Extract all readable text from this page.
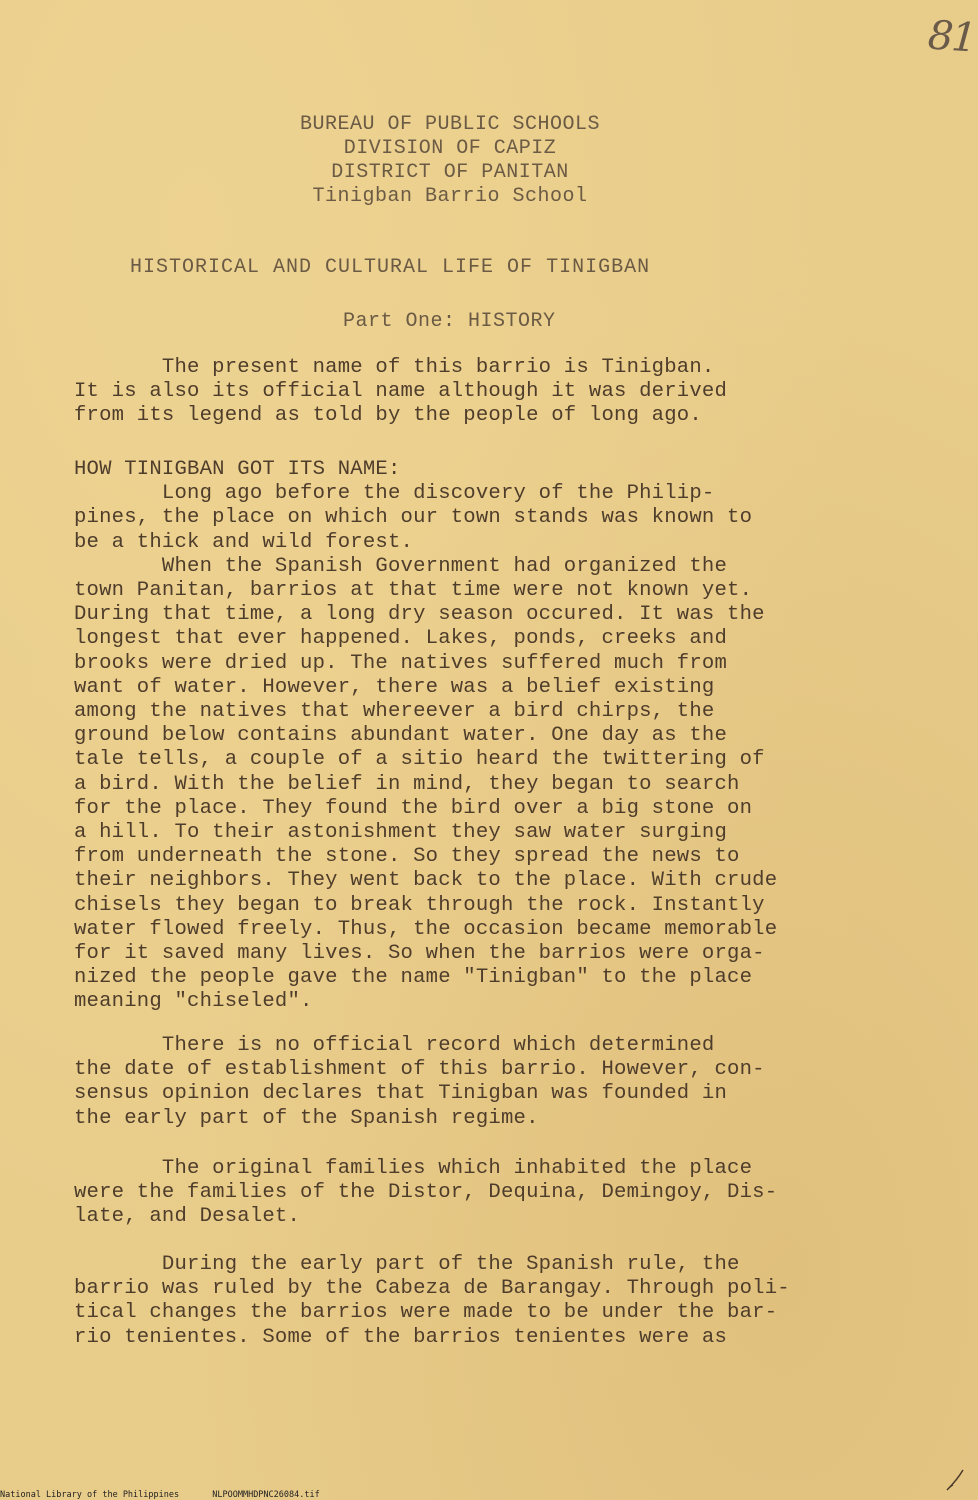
81
BUREAU OF PUBLIC SCHOOLS
DIVISION OF CAPIZ
DISTRICT OF PANITAN
Tinigban Barrio School
HISTORICAL AND CULTURAL LIFE OF TINIGBAN
Part One: HISTORY
The present name of this barrio is Tinigban.
It is also its official name although it was derived
from its legend as told by the people of long ago.
HOW TINIGBAN GOT ITS NAME:
Long ago before the discovery of the Philip-
pines, the place on which our town stands was known to
be a thick and wild forest.
When the Spanish Government had organized the
town Panitan, barrios at that time were not known yet.
During that time, a long dry season occured. It was the
longest that ever happened. Lakes, ponds, creeks and
brooks were dried up. The natives suffered much from
want of water. However, there was a belief existing
among the natives that whereever a bird chirps, the
ground below contains abundant water. One day as the
tale tells, a couple of a sitio heard the twittering of
a bird. With the belief in mind, they began to search
for the place. They found the bird over a big stone on
a hill. To their astonishment they saw water surging
from underneath the stone. So they spread the news to
their neighbors. They went back to the place. With crude
chisels they began to break through the rock. Instantly
water flowed freely. Thus, the occasion became memorable
for it saved many lives. So when the barrios were orga-
nized the people gave the name "Tinigban" to the place
meaning "chiseled".
There is no official record which determined
the date of establishment of this barrio. However, con-
sensus opinion declares that Tinigban was founded in
the early part of the Spanish regime.
The original families which inhabited the place
were the families of the Distor, Dequina, Demingoy, Dis-
late, and Desalet.
During the early part of the Spanish rule, the
barrio was ruled by the Cabeza de Barangay. Through poli-
tical changes the barrios were made to be under the bar-
rio tenientes. Some of the barrios tenientes were as
National Library of the Philippines	NLPOOMMHDPNC26084.tif
